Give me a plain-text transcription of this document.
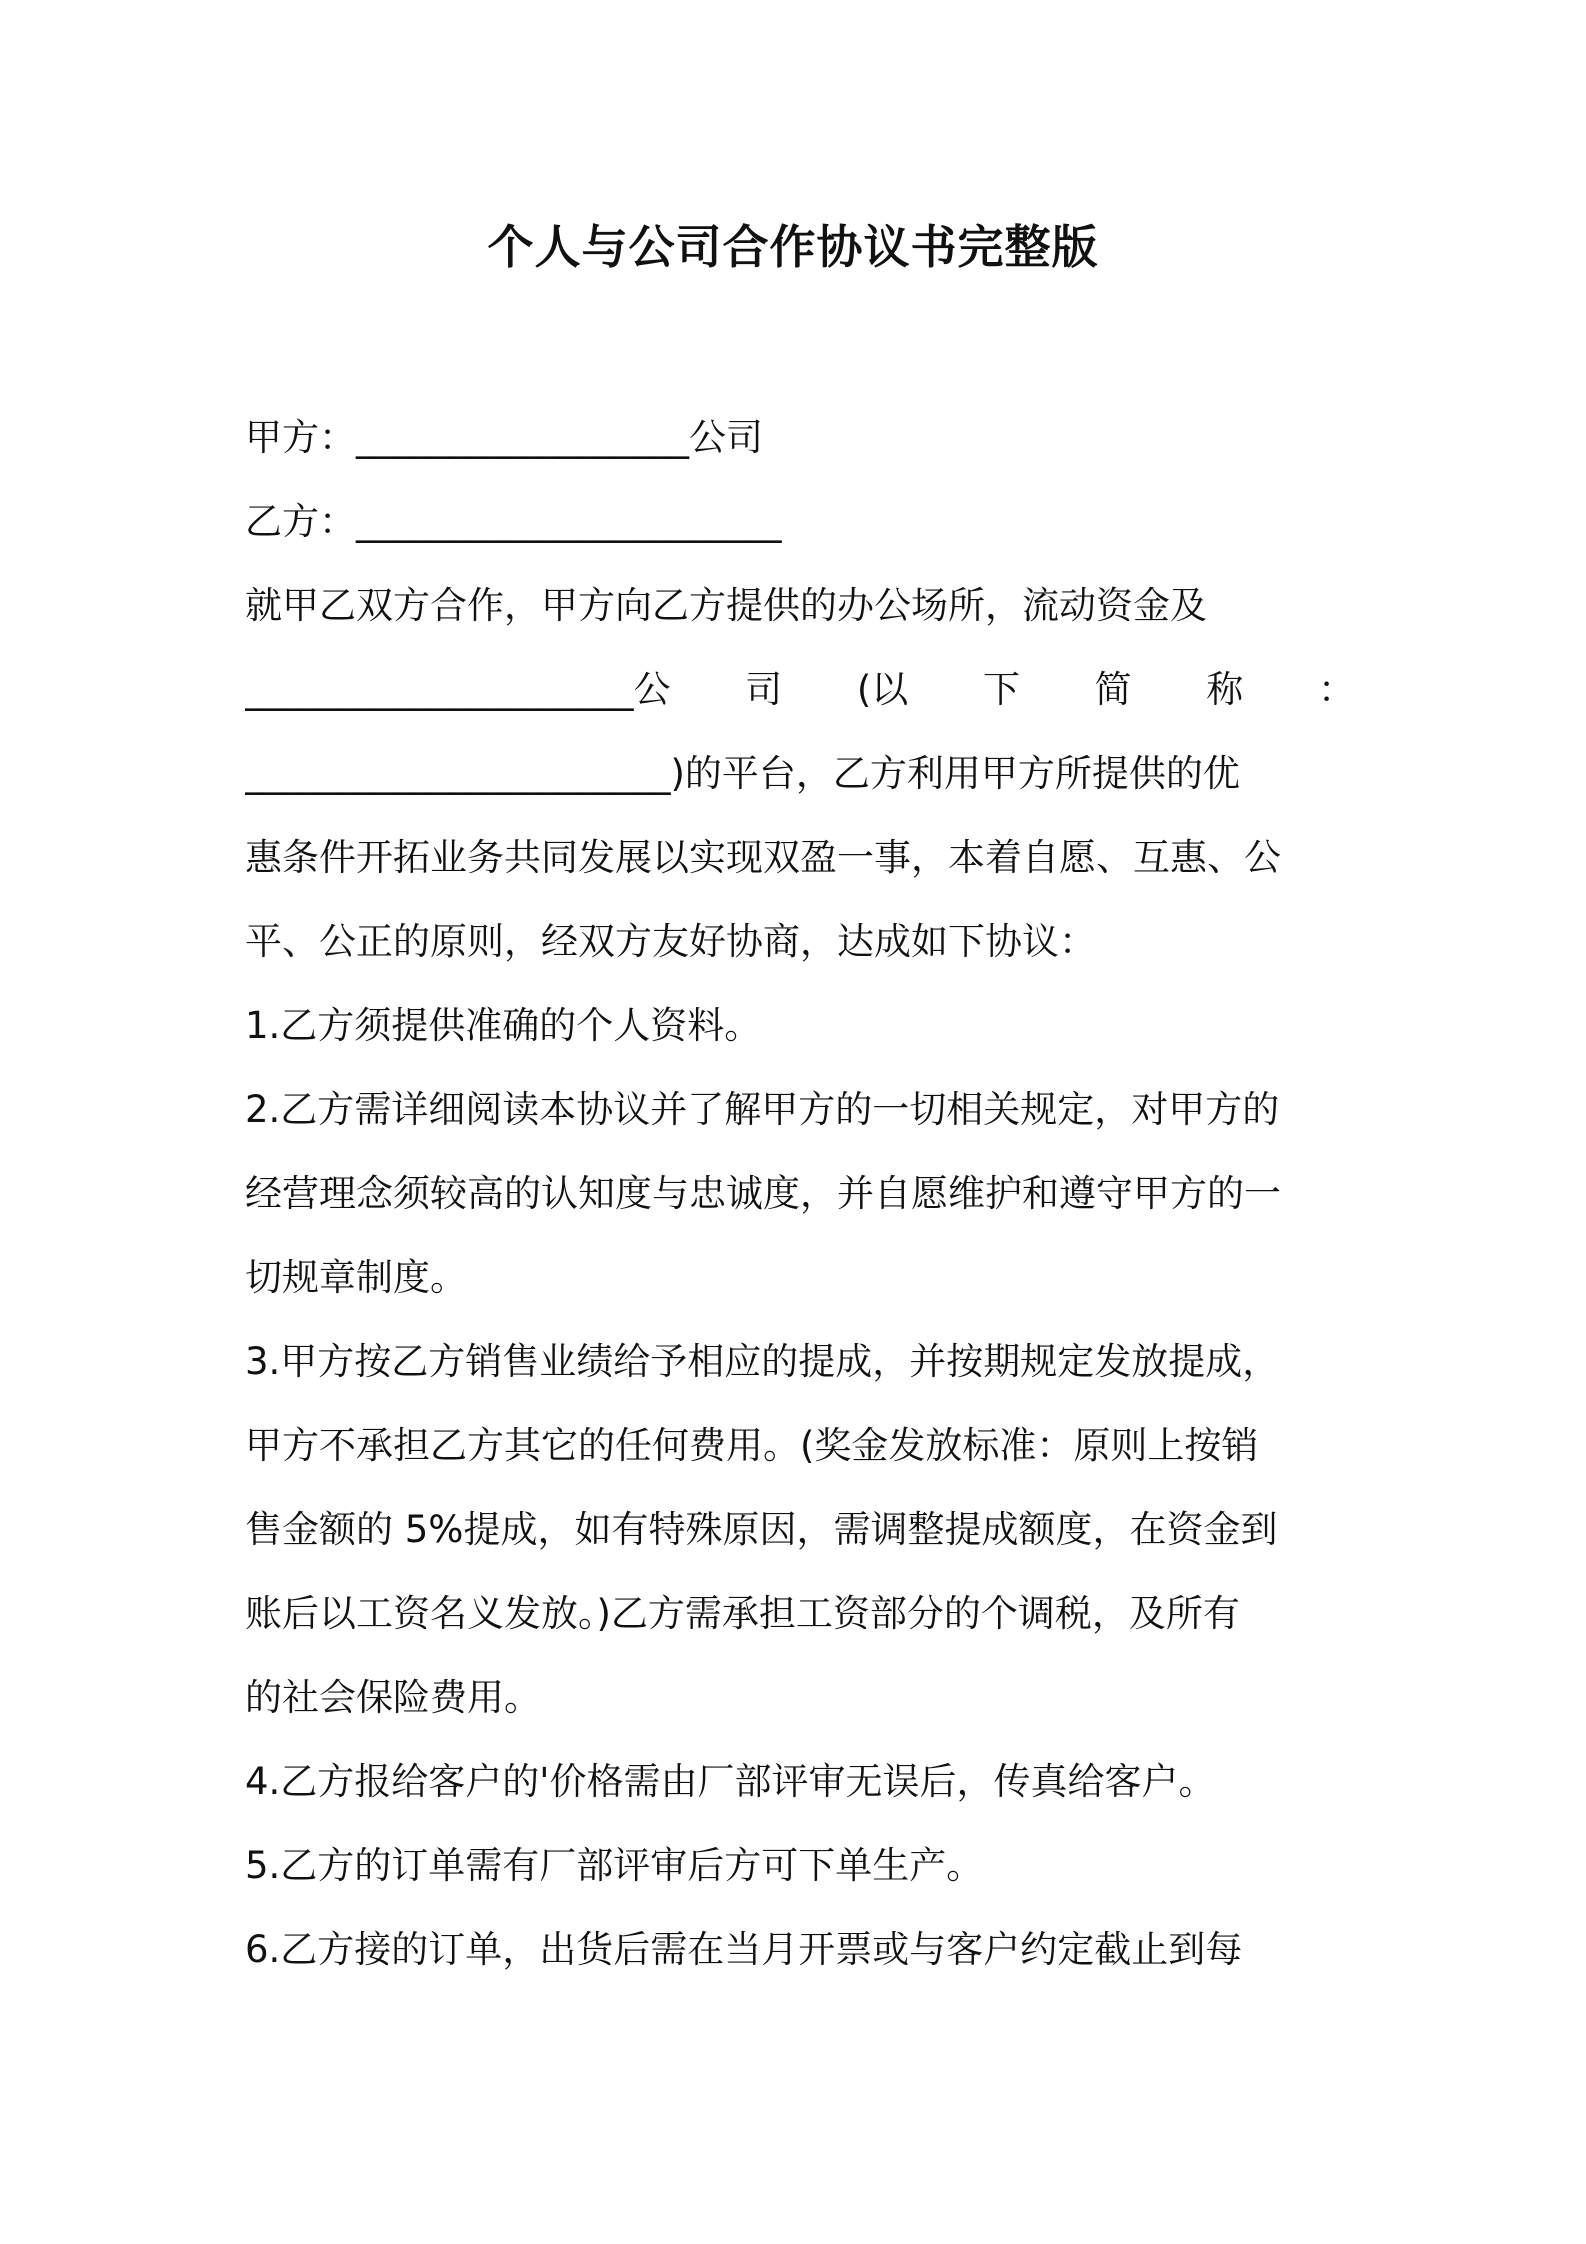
个人与公司合作协议书完整版
甲方：__________________公司
乙方：_______________________
就甲乙双方合作，甲方向乙方提供的办公场所，流动资金及
_____________________公 司 (以 下 简 称 ：
_______________________)的平台，乙方利用甲方所提供的优
惠条件开拓业务共同发展以实现双盈一事，本着自愿、互惠、公
平、公正的原则，经双方友好协商，达成如下协议：
1.乙方须提供准确的个人资料。
2.乙方需详细阅读本协议并了解甲方的一切相关规定，对甲方的
经营理念须较高的认知度与忠诚度，并自愿维护和遵守甲方的一
切规章制度。
3.甲方按乙方销售业绩给予相应的提成，并按期规定发放提成，
甲方不承担乙方其它的任何费用。(奖金发放标准：原则上按销
售金额的 5%提成，如有特殊原因，需调整提成额度，在资金到
账后以工资名义发放。)乙方需承担工资部分的个调税，及所有
的社会保险费用。
4.乙方报给客户的'价格需由厂部评审无误后，传真给客户。
5.乙方的订单需有厂部评审后方可下单生产。
6.乙方接的订单，出货后需在当月开票或与客户约定截止到每
